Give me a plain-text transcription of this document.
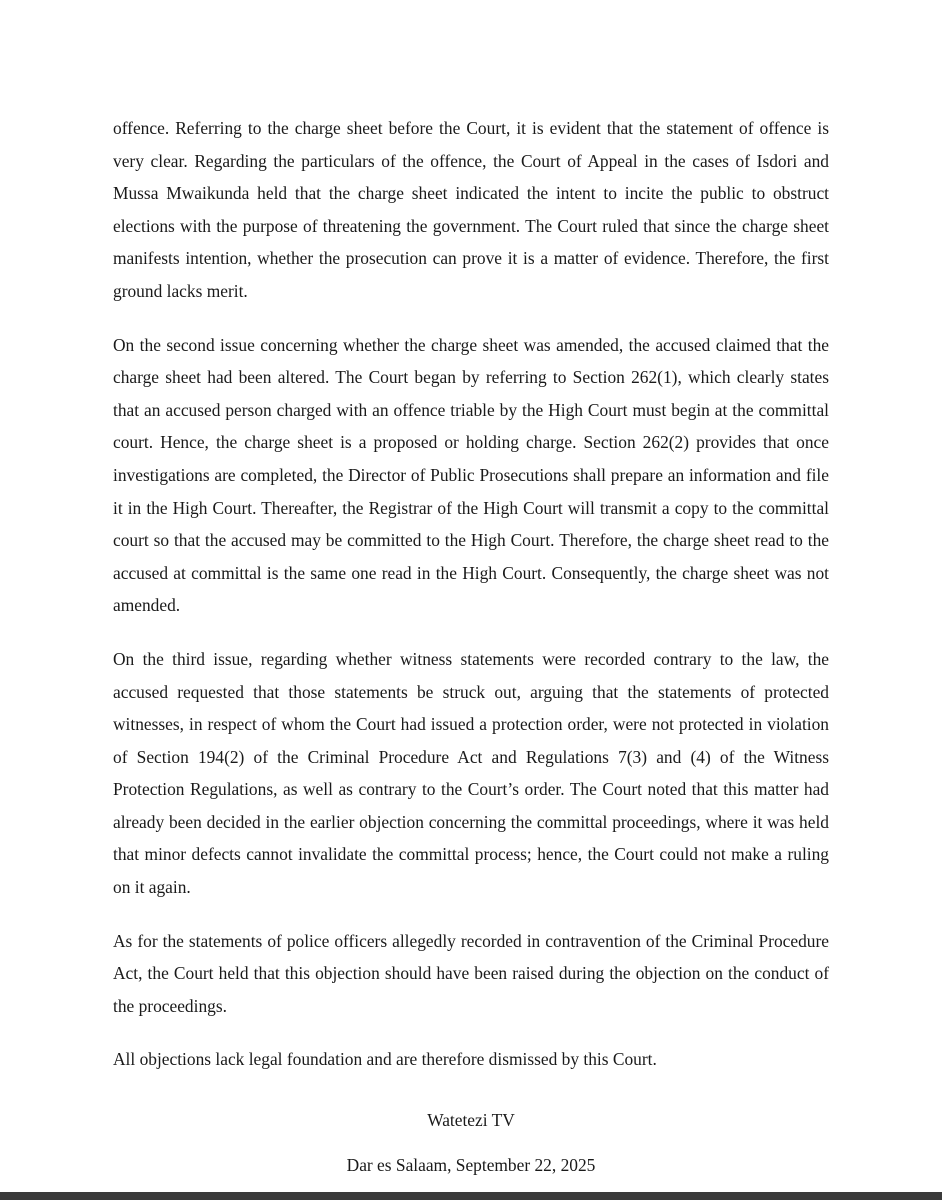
offence. Referring to the charge sheet before the Court, it is evident that the statement of offence is very clear. Regarding the particulars of the offence, the Court of Appeal in the cases of Isdori and Mussa Mwaikunda held that the charge sheet indicated the intent to incite the public to obstruct elections with the purpose of threatening the government. The Court ruled that since the charge sheet manifests intention, whether the prosecution can prove it is a matter of evidence. Therefore, the first ground lacks merit.

On the second issue concerning whether the charge sheet was amended, the accused claimed that the charge sheet had been altered. The Court began by referring to Section 262(1), which clearly states that an accused person charged with an offence triable by the High Court must begin at the committal court. Hence, the charge sheet is a proposed or holding charge. Section 262(2) provides that once investigations are completed, the Director of Public Prosecutions shall prepare an information and file it in the High Court. Thereafter, the Registrar of the High Court will transmit a copy to the committal court so that the accused may be committed to the High Court. Therefore, the charge sheet read to the accused at committal is the same one read in the High Court. Consequently, the charge sheet was not amended.

On the third issue, regarding whether witness statements were recorded contrary to the law, the accused requested that those statements be struck out, arguing that the statements of protected witnesses, in respect of whom the Court had issued a protection order, were not protected in violation of Section 194(2) of the Criminal Procedure Act and Regulations 7(3) and (4) of the Witness Protection Regulations, as well as contrary to the Court’s order. The Court noted that this matter had already been decided in the earlier objection concerning the committal proceedings, where it was held that minor defects cannot invalidate the committal process; hence, the Court could not make a ruling on it again.

As for the statements of police officers allegedly recorded in contravention of the Criminal Procedure Act, the Court held that this objection should have been raised during the objection on the conduct of the proceedings.

All objections lack legal foundation and are therefore dismissed by this Court.

Watetezi TV
Dar es Salaam, September 22, 2025
